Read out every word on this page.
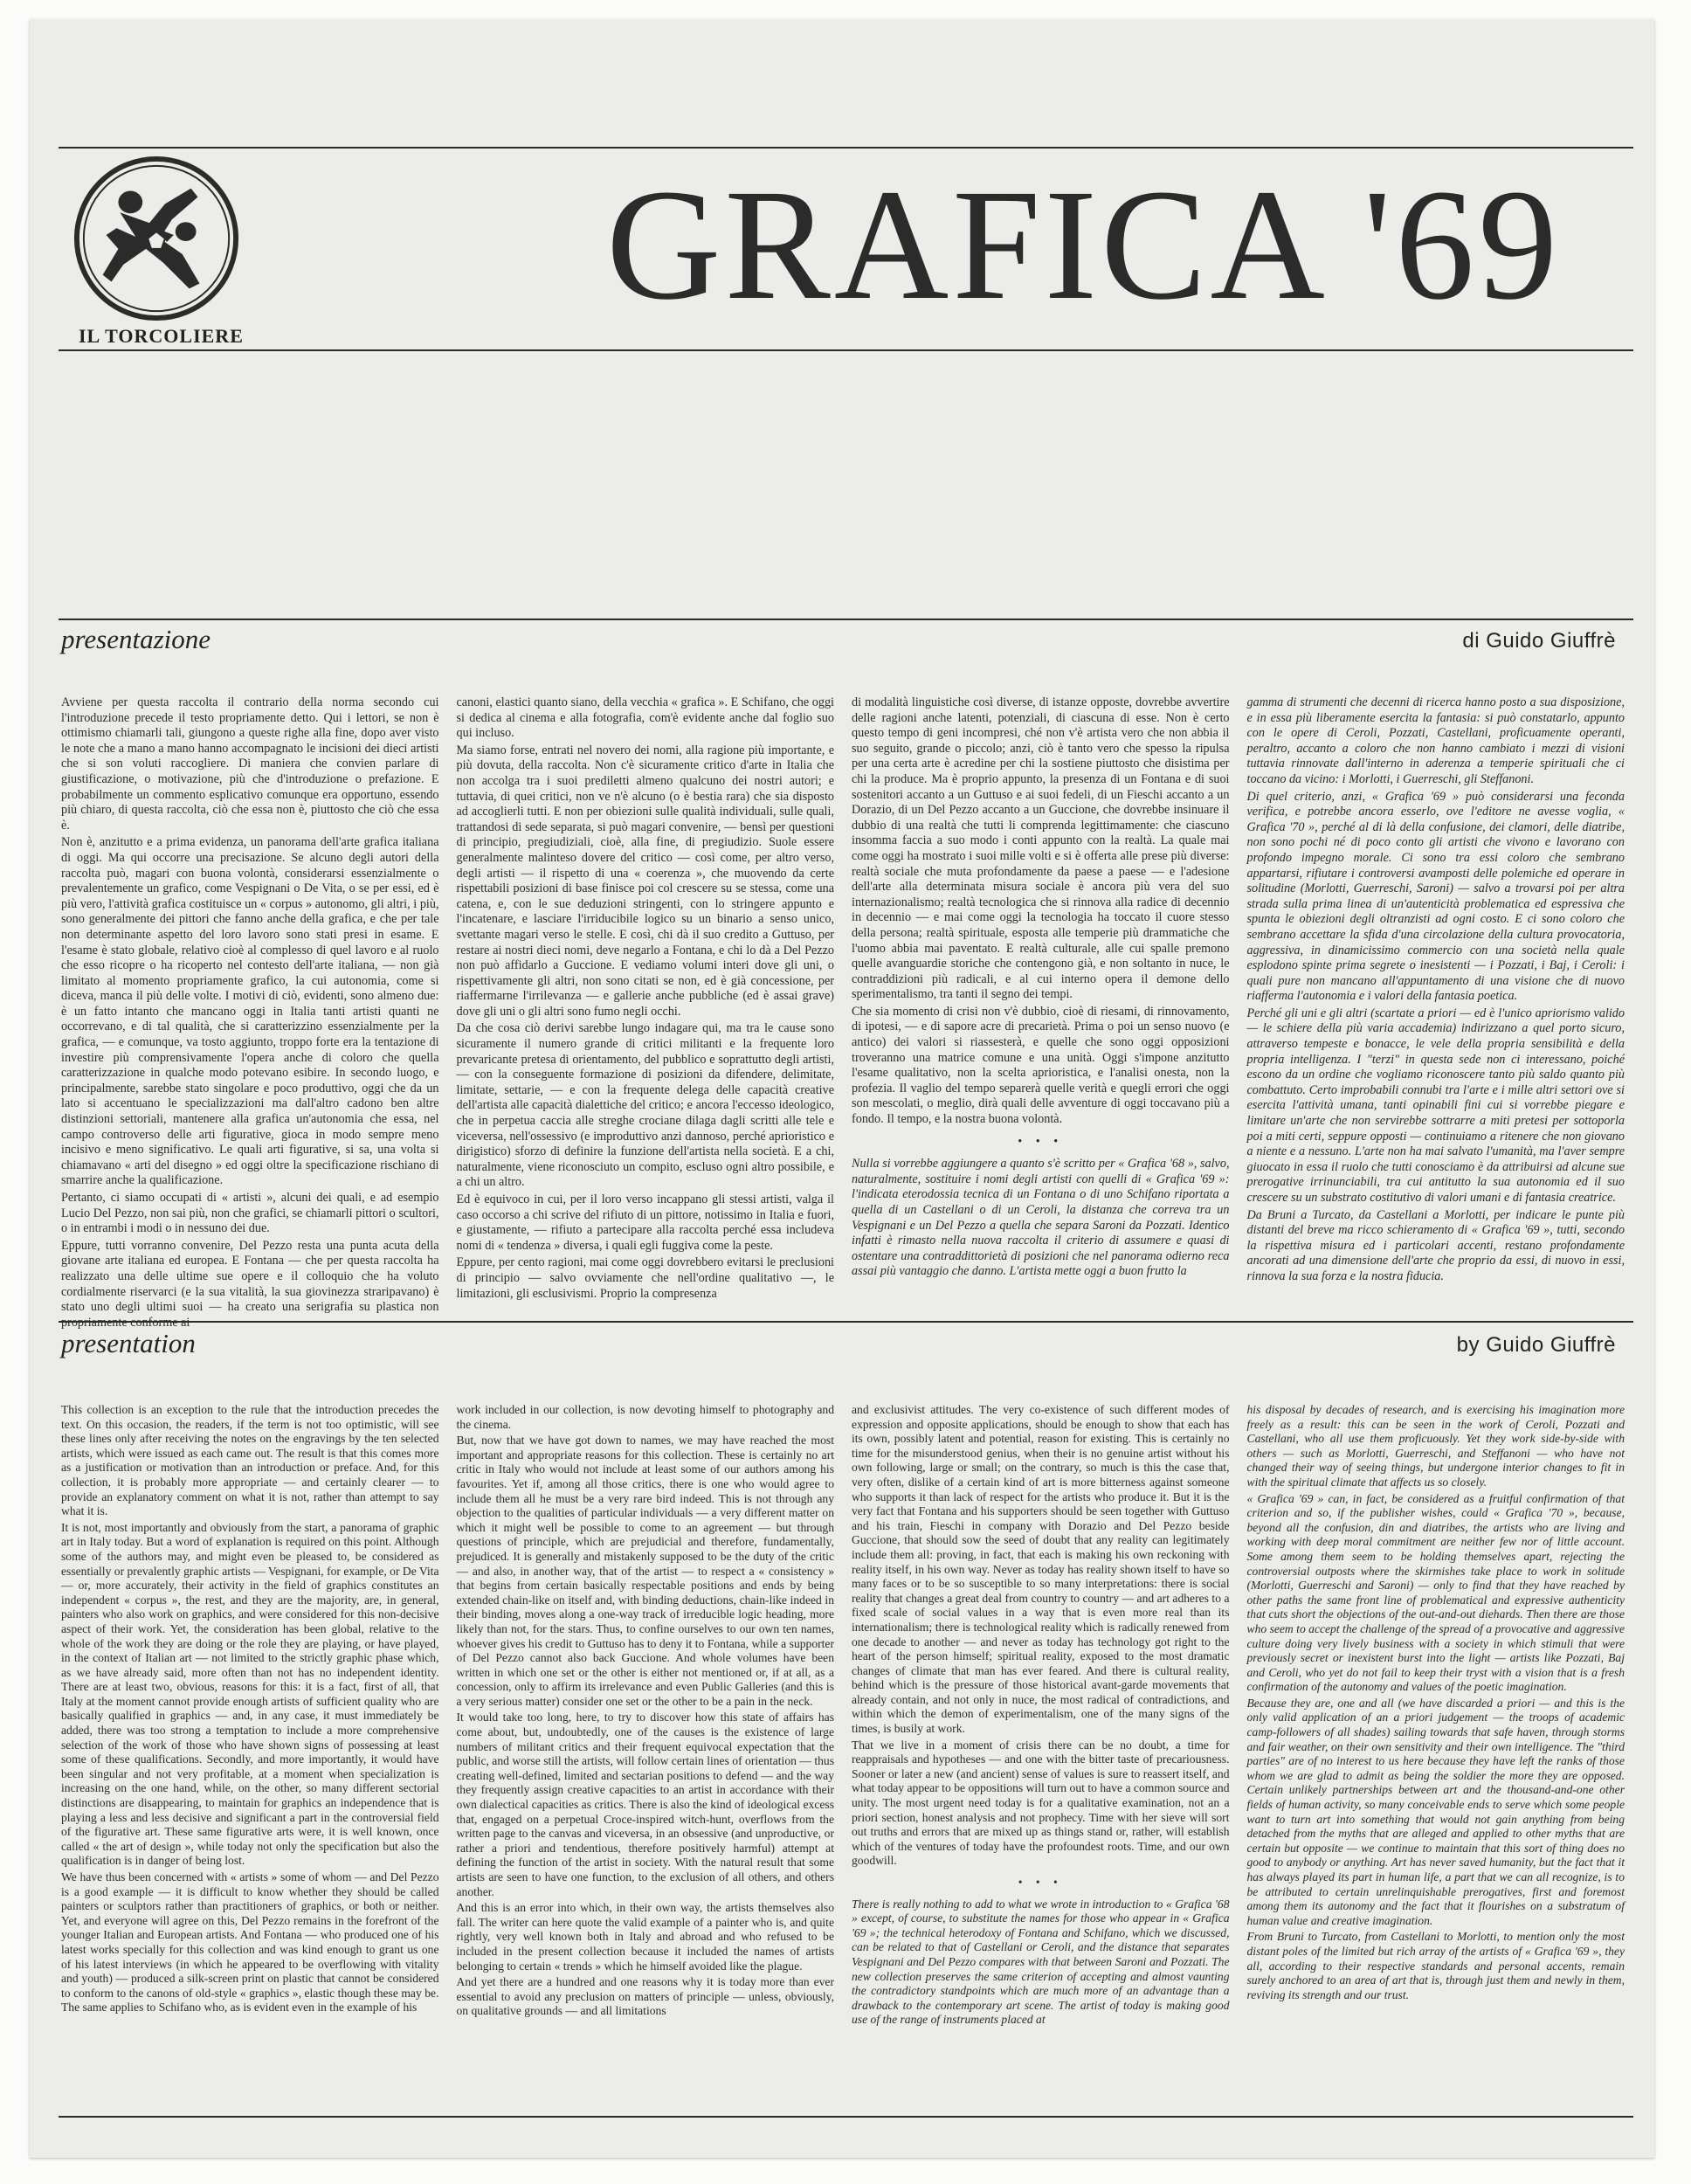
IL TORCOLIERE
GRAFICA '69
presentazione	di Guido Giuffrè

Avviene per questa raccolta il contrario della norma secondo cui l'introduzione precede il testo propriamente detto. Qui i lettori, se non è ottimismo chiamarli tali, giungono a queste righe alla fine, dopo aver visto le note che a mano a mano hanno accompagnato le incisioni dei dieci artisti che si son voluti raccogliere. Di maniera che convien parlare di giustificazione, o motivazione, più che d'introduzione o prefazione. E probabilmente un commento esplicativo comunque era opportuno, essendo più chiaro, di questa raccolta, ciò che essa non è, piuttosto che ciò che essa è.

Non è, anzitutto e a prima evidenza, un panorama dell'arte grafica italiana di oggi. Ma qui occorre una precisazione. Se alcuno degli autori della raccolta può, magari con buona volontà, considerarsi essenzialmente o prevalentemente un grafico, come Vespignani o De Vita, o se per essi, ed è più vero, l'attività grafica costituisce un « corpus » autonomo, gli altri, i più, sono generalmente dei pittori che fanno anche della grafica, e che per tale non determinante aspetto del loro lavoro sono stati presi in esame. E l'esame è stato globale, relativo cioè al complesso di quel lavoro e al ruolo che esso ricopre o ha ricoperto nel contesto dell'arte italiana, — non già limitato al momento propriamente grafico, la cui autonomia, come si diceva, manca il più delle volte. I motivi di ciò, evidenti, sono almeno due: è un fatto intanto che mancano oggi in Italia tanti artisti quanti ne occorrevano, e di tal qualità, che si caratterizzino essenzialmente per la grafica, — e comunque, va tosto aggiunto, troppo forte era la tentazione di investire più comprensivamente l'opera anche di coloro che quella caratterizzazione in qualche modo potevano esibire. In secondo luogo, e principalmente, sarebbe stato singolare e poco produttivo, oggi che da un lato si accentuano le specializzazioni ma dall'altro cadono ben altre distinzioni settoriali, mantenere alla grafica un'autonomia che essa, nel campo controverso delle arti figurative, gioca in modo sempre meno incisivo e meno significativo. Le quali arti figurative, si sa, una volta si chiamavano « arti del disegno » ed oggi oltre la specificazione rischiano di smarrire anche la qualificazione.

Pertanto, ci siamo occupati di « artisti », alcuni dei quali, e ad esempio Lucio Del Pezzo, non sai più, non che grafici, se chiamarli pittori o scultori, o in entrambi i modi o in nessuno dei due.

Eppure, tutti vorranno convenire, Del Pezzo resta una punta acuta della giovane arte italiana ed europea. E Fontana — che per questa raccolta ha realizzato una delle ultime sue opere e il colloquio che ha voluto cordialmente riservarci (e la sua vitalità, la sua giovinezza straripavano) è stato uno degli ultimi suoi — ha creato una serigrafia su plastica non

canoni, elastici quanto siano, della vecchia « grafica ». E Schifano, che oggi si dedica al cinema e alla fotografia, com'è evidente anche dal foglio suo qui incluso.

Ma siamo forse, entrati nel novero dei nomi, alla ragione più importante, e più dovuta, della raccolta. Non c'è sicuramente critico d'arte in Italia che non accolga tra i suoi prediletti almeno qualcuno dei nostri autori; e tuttavia, di quei critici, non ve n'è alcuno (o è bestia rara) che sia disposto ad accoglierli tutti. E non per obiezioni sulle qualità individuali, sulle quali, trattandosi di sede separata, si può magari convenire, — bensì per questioni di principio, pregiudiziali, cioè, alla fine, di pregiudizio. Suole essere generalmente malinteso dovere del critico — così come, per altro verso, degli artisti — il rispetto di una « coerenza », che muovendo da certe rispettabili posizioni di base finisce poi col crescere su se stessa, come una catena, e, con le sue deduzioni stringenti, con lo stringere appunto e l'incatenare, e lasciare l'irriducibile logico su un binario a senso unico, svettante magari verso le stelle. E così, chi dà il suo credito a Guttuso, per restare ai nostri dieci nomi, deve negarlo a Fontana, e chi lo dà a Del Pezzo non può affidarlo a Guccione. E vediamo volumi interi dove gli uni, o rispettivamente gli altri, non sono citati se non, ed è già concessione, per riaffermarne l'irrilevanza — e gallerie anche pubbliche (ed è assai grave) dove gli uni o gli altri sono fumo negli occhi.

Da che cosa ciò derivi sarebbe lungo indagare qui, ma tra le cause sono sicuramente il numero grande di critici militanti e la frequente loro prevaricante pretesa di orientamento, del pubblico e soprattutto degli artisti, — con la conseguente formazione di posizioni da difendere, delimitate, limitate, settarie, — e con la frequente delega delle capacità creative dell'artista alle capacità dialettiche del critico; e ancora l'eccesso ideologico, che in perpetua caccia alle streghe crociane dilaga dagli scritti alle tele e viceversa, nell'ossessivo (e improduttivo anzi dannoso, perché aprioristico e dirigistico) sforzo di definire la funzione dell'artista nella società. E a chi, naturalmente, viene riconosciuto un compito, escluso ogni altro possibile, e a chi un altro.

Ed è equivoco in cui, per il loro verso incappano gli stessi artisti, valga il caso occorso a chi scrive del rifiuto di un pittore, notissimo in Italia e fuori, e giustamente, — rifiuto a partecipare alla raccolta perché essa includeva nomi di « tendenza » diversa, i quali egli fuggiva come la peste.

Eppure, per cento ragioni, mai come oggi dovrebbero evitarsi le preclusioni di principio — salvo ovviamente che nell'ordine qualitativo —, le limitazioni, gli esclusivismi. Proprio la compresenza

di modalità linguistiche così diverse, di istanze opposte, dovrebbe avvertire delle ragioni anche latenti, potenziali, di ciascuna di esse. Non è certo questo tempo di geni incompresi, ché non v'è artista vero che non abbia il suo seguito, grande o piccolo; anzi, ciò è tanto vero che spesso la ripulsa per una certa arte è acredine per chi la sostiene piuttosto che disistima per chi la produce. Ma è proprio appunto, la presenza di un Fontana e di suoi sostenitori accanto a un Guttuso e ai suoi fedeli, di un Fieschi accanto a un Dorazio, di un Del Pezzo accanto a un Guccione, che dovrebbe insinuare il dubbio di una realtà che tutti li comprenda legittimamente: che ciascuno insomma faccia a suo modo i conti appunto con la realtà. La quale mai come oggi ha mostrato i suoi mille volti e si è offerta alle prese più diverse: realtà sociale che muta profondamente da paese a paese — e l'adesione dell'arte alla determinata misura sociale è ancora più vera del suo internazionalismo; realtà tecnologica che si rinnova alla radice di decennio in decennio — e mai come oggi la tecnologia ha toccato il cuore stesso della persona; realtà spirituale, esposta alle temperie più drammatiche che l'uomo abbia mai paventato. E realtà culturale, alle cui spalle premono quelle avanguardie storiche che contengono già, e non soltanto in nuce, le contraddizioni più radicali, e al cui interno opera il demone dello sperimentalismo, tra tanti il segno dei tempi.

Che sia momento di crisi non v'è dubbio, cioè di riesami, di rinnovamento, di ipotesi, — e di sapore acre di precarietà. Prima o poi un senso nuovo (e antico) dei valori si riassesterà, e quelle che sono oggi opposizioni troveranno una matrice comune e una unità. Oggi s'impone anzitutto l'esame qualitativo, non la scelta aprioristica, e l'analisi onesta, non la profezia. Il vaglio del tempo separerà quelle verità e quegli errori che oggi son mescolati, o meglio, dirà quali delle avventure di oggi toccavano più a fondo. Il tempo, e la nostra buona volontà.

• • •

Nulla si vorrebbe aggiungere a quanto s'è scritto per « Grafica '68 », salvo, naturalmente, sostituire i nomi degli artisti con quelli di « Grafica '69 »: l'indicata eterodossia tecnica di un Fontana o di uno Schifano riportata a quella di un Castellani o di un Ceroli, la distanza che correva tra un Vespignani e un Del Pezzo a quella che separa Saroni da Pozzati. Identico infatti è rimasto nella nuova raccolta il criterio di assumere e quasi di ostentare una contraddittorietà di posizioni che nel panorama odierno reca assai più vantaggio che danno. L'artista mette oggi a buon frutto la

gamma di strumenti che decenni di ricerca hanno posto a sua disposizione, e in essa più liberamente esercita la fantasia: si può constatarlo, appunto con le opere di Ceroli, Pozzati, Castellani, proficuamente operanti, peraltro, accanto a coloro che non hanno cambiato i mezzi di visioni tuttavia rinnovate dall'interno in aderenza a temperie spirituali che ci toccano da vicino: i Morlotti, i Guerreschi, gli Steffanoni.

Di quel criterio, anzi, « Grafica '69 » può considerarsi una feconda verifica, e potrebbe ancora esserlo, ove l'editore ne avesse voglia, « Grafica '70 », perché al di là della confusione, dei clamori, delle diatribe, non sono pochi né di poco conto gli artisti che vivono e lavorano con profondo impegno morale. Ci sono tra essi coloro che sembrano appartarsi, rifiutare i controversi avamposti delle polemiche ed operare in solitudine (Morlotti, Guerreschi, Saroni) — salvo a trovarsi poi per altra strada sulla prima linea di un'autenticità problematica ed espressiva che spunta le obiezioni degli oltranzisti ad ogni costo. E ci sono coloro che sembrano accettare la sfida d'una circolazione della cultura provocatoria, aggressiva, in dinamicissimo commercio con una società nella quale esplodono spinte prima segrete o inesistenti — i Pozzati, i Baj, i Ceroli: i quali pure non mancano all'appuntamento di una visione che di nuovo riafferma l'autonomia e i valori della fantasia poetica.

Perché gli uni e gli altri (scartate a priori — ed è l'unico apriorismo valido — le schiere della più varia accademia) indirizzano a quel porto sicuro, attraverso tempeste e bonacce, le vele della propria sensibilità e della propria intelligenza. I "terzi" in questa sede non ci interessano, poiché escono da un ordine che vogliamo riconoscere tanto più saldo quanto più combattuto. Certo improbabili connubi tra l'arte e i mille altri settori ove si esercita l'attività umana, tanti opinabili fini cui si vorrebbe piegare e limitare un'arte che non servirebbe sottrarre a miti pretesi per sottoporla poi a miti certi, seppure opposti — continuiamo a ritenere che non giovano a niente e a nessuno. L'arte non ha mai salvato l'umanità, ma l'aver sempre giuocato in essa il ruolo che tutti conosciamo è da attribuirsi ad alcune sue prerogative irrinunciabili, tra cui antitutto la sua autonomia ed il suo crescere su un substrato costitutivo di valori umani e di fantasia creatrice.

Da Bruni a Turcato, da Castellani a Morlotti, per indicare le punte più distanti del breve ma ricco schieramento di « Grafica '69 », tutti, secondo la rispettiva misura ed i particolari accenti, restano profondamente ancorati ad una dimensione dell'arte che proprio da essi, di nuovo in essi, rinnova la sua forza e la nostra fiducia.

presentation	by Guido Giuffrè

This collection is an exception to the rule that the introduction precedes the text. On this occasion, the readers, if the term is not too optimistic, will see these lines only after receiving the notes on the engravings by the ten selected artists, which were issued as each came out. The result is that this comes more as a justification or motivation than an introduction or preface. And, for this collection, it is probably more appropriate — and certainly clearer — to provide an explanatory comment on what it is not, rather than attempt to say what it is.

It is not, most importantly and obviously from the start, a panorama of graphic art in Italy today. But a word of explanation is required on this point. Although some of the authors may, and might even be pleased to, be considered as essentially or prevalently graphic artists — Vespignani, for example, or De Vita — or, more accurately, their activity in the field of graphics constitutes an independent « corpus », the rest, and they are the majority, are, in general, painters who also work on graphics, and were considered for this non-decisive aspect of their work. Yet, the consideration has been global, relative to the whole of the work they are doing or the role they are playing, or have played, in the context of Italian art — not limited to the strictly graphic phase which, as we have already said, more often than not has no independent identity. There are at least two, obvious, reasons for this: it is a fact, first of all, that Italy at the moment cannot provide enough artists of sufficient quality who are basically qualified in graphics — and, in any case, it must immediately be added, there was too strong a temptation to include a more comprehensive selection of the work of those who have shown signs of possessing at least some of these qualifications. Secondly, and more importantly, it would have been singular and not very profitable, at a moment when specialization is increasing on the one hand, while, on the other, so many different sectorial distinctions are disappearing, to maintain for graphics an independence that is playing a less and less decisive and significant a part in the controversial field of the figurative art. These same figurative arts were, it is well known, once called « the art of design », while today not only the specification but also the qualification is in danger of being lost.

We have thus been concerned with « artists » some of whom — and Del Pezzo is a good example — it is difficult to know whether they should be called painters or sculptors rather than practitioners of graphics, or both or neither. Yet, and everyone will agree on this, Del Pezzo remains in the forefront of the younger Italian and European artists. And Fontana — who produced one of his latest works specially for this collection and was kind enough to grant us one of his latest interviews (in which he appeared to be overflowing with vitality and youth) — produced a silk-screen print on plastic that cannot be considered to conform to the canons of old-style « graphics », elastic though these may be. The same applies to Schifano who, as is evident even in the example of his

work included in our collection, is now devoting himself to photography and the cinema.

But, now that we have got down to names, we may have reached the most important and appropriate reasons for this collection. These is certainly no art critic in Italy who would not include at least some of our authors among his favourites. Yet if, among all those critics, there is one who would agree to include them all he must be a very rare bird indeed. This is not through any objection to the qualities of particular individuals — a very different matter on which it might well be possible to come to an agreement — but through questions of principle, which are prejudicial and therefore, fundamentally, prejudiced. It is generally and mistakenly supposed to be the duty of the critic — and also, in another way, that of the artist — to respect a « consistency » that begins from certain basically respectable positions and ends by being extended chain-like on itself and, with binding deductions, chain-like indeed in their binding, moves along a one-way track of irreducible logic heading, more likely than not, for the stars. Thus, to confine ourselves to our own ten names, whoever gives his credit to Guttuso has to deny it to Fontana, while a supporter of Del Pezzo cannot also back Guccione. And whole volumes have been written in which one set or the other is either not mentioned or, if at all, as a concession, only to affirm its irrelevance and even Public Galleries (and this is a very serious matter) consider one set or the other to be a pain in the neck.

It would take too long, here, to try to discover how this state of affairs has come about, but, undoubtedly, one of the causes is the existence of large numbers of militant critics and their frequent equivocal expectation that the public, and worse still the artists, will follow certain lines of orientation — thus creating well-defined, limited and sectarian positions to defend — and the way they frequently assign creative capacities to an artist in accordance with their own dialectical capacities as critics. There is also the kind of ideological excess that, engaged on a perpetual Croce-inspired witch-hunt, overflows from the written page to the canvas and viceversa, in an obsessive (and unproductive, or rather a priori and tendentious, therefore positively harmful) attempt at defining the function of the artist in society. With the natural result that some artists are seen to have one function, to the exclusion of all others, and others another.

And this is an error into which, in their own way, the artists themselves also fall. The writer can here quote the valid example of a painter who is, and quite rightly, very well known both in Italy and abroad and who refused to be included in the present collection because it included the names of artists belonging to certain « trends » which he himself avoided like the plague.

And yet there are a hundred and one reasons why it is today more than ever essential to avoid any preclusion on matters of principle — unless, obviously, on qualitative grounds — and all limitations

and exclusivist attitudes. The very co-existence of such different modes of expression and opposite applications, should be enough to show that each has its own, possibly latent and potential, reason for existing. This is certainly no time for the misunderstood genius, when their is no genuine artist without his own following, large or small; on the contrary, so much is this the case that, very often, dislike of a certain kind of art is more bitterness against someone who supports it than lack of respect for the artists who produce it. But it is the very fact that Fontana and his supporters should be seen together with Guttuso and his train, Fieschi in company with Dorazio and Del Pezzo beside Guccione, that should sow the seed of doubt that any reality can legitimately include them all: proving, in fact, that each is making his own reckoning with reality itself, in his own way. Never as today has reality shown itself to have so many faces or to be so susceptible to so many interpretations: there is social reality that changes a great deal from country to country — and art adheres to a fixed scale of social values in a way that is even more real than its internationalism; there is technological reality which is radically renewed from one decade to another — and never as today has technology got right to the heart of the person himself; spiritual reality, exposed to the most dramatic changes of climate that man has ever feared. And there is cultural reality, behind which is the pressure of those historical avant-garde movements that already contain, and not only in nuce, the most radical of contradictions, and within which the demon of experimentalism, one of the many signs of the times, is busily at work.

That we live in a moment of crisis there can be no doubt, a time for reappraisals and hypotheses — and one with the bitter taste of precariousness. Sooner or later a new (and ancient) sense of values is sure to reassert itself, and what today appear to be oppositions will turn out to have a common source and unity. The most urgent need today is for a qualitative examination, not an a priori section, honest analysis and not prophecy. Time with her sieve will sort out truths and errors that are mixed up as things stand or, rather, will establish which of the ventures of today have the profoundest roots. Time, and our own goodwill.

• • •

There is really nothing to add to what we wrote in introduction to « Grafica '68 » except, of course, to substitute the names for those who appear in « Grafica '69 »; the technical heterodoxy of Fontana and Schifano, which we discussed, can be related to that of Castellani or Ceroli, and the distance that separates Vespignani and Del Pezzo compares with that between Saroni and Pozzati. The new collection preserves the same criterion of accepting and almost vaunting the contradictory standpoints which are much more of an advantage than a drawback to the contemporary art scene. The artist of today is making good use of the range of instruments placed at

his disposal by decades of research, and is exercising his imagination more freely as a result: this can be seen in the work of Ceroli, Pozzati and Castellani, who all use them proficuously. Yet they work side-by-side with others — such as Morlotti, Guerreschi, and Steffanoni — who have not changed their way of seeing things, but undergone interior changes to fit in with the spiritual climate that affects us so closely.

« Grafica '69 » can, in fact, be considered as a fruitful confirmation of that criterion and so, if the publisher wishes, could « Grafica '70 », because, beyond all the confusion, din and diatribes, the artists who are living and working with deep moral commitment are neither few nor of little account. Some among them seem to be holding themselves apart, rejecting the controversial outposts where the skirmishes take place to work in solitude (Morlotti, Guerreschi and Saroni) — only to find that they have reached by other paths the same front line of problematical and expressive authenticity that cuts short the objections of the out-and-out diehards. Then there are those who seem to accept the challenge of the spread of a provocative and aggressive culture doing very lively business with a society in which stimuli that were previously secret or inexistent burst into the light — artists like Pozzati, Baj and Ceroli, who yet do not fail to keep their tryst with a vision that is a fresh confirmation of the autonomy and values of the poetic imagination.

Because they are, one and all (we have discarded a priori — and this is the only valid application of an a priori judgement — the troops of academic camp-followers of all shades) sailing towards that safe haven, through storms and fair weather, on their own sensitivity and their own intelligence. The "third parties" are of no interest to us here because they have left the ranks of those whom we are glad to admit as being the soldier the more they are opposed. Certain unlikely partnerships between art and the thousand-and-one other fields of human activity, so many conceivable ends to serve which some people want to turn art into something that would not gain anything from being detached from the myths that are alleged and applied to other myths that are certain but opposite — we continue to maintain that this sort of thing does no good to anybody or anything. Art has never saved humanity, but the fact that it has always played its part in human life, a part that we can all recognize, is to be attributed to certain unrelinquishable prerogatives, first and foremost among them its autonomy and the fact that it flourishes on a substratum of human value and creative imagination.

From Bruni to Turcato, from Castellani to Morlotti, to mention only the most distant poles of the limited but rich array of the artists of « Grafica '69 », they all, according to their respective standards and personal accents, remain surely anchored to an area of art that is, through just them and newly in them, reviving its strength and our trust.
